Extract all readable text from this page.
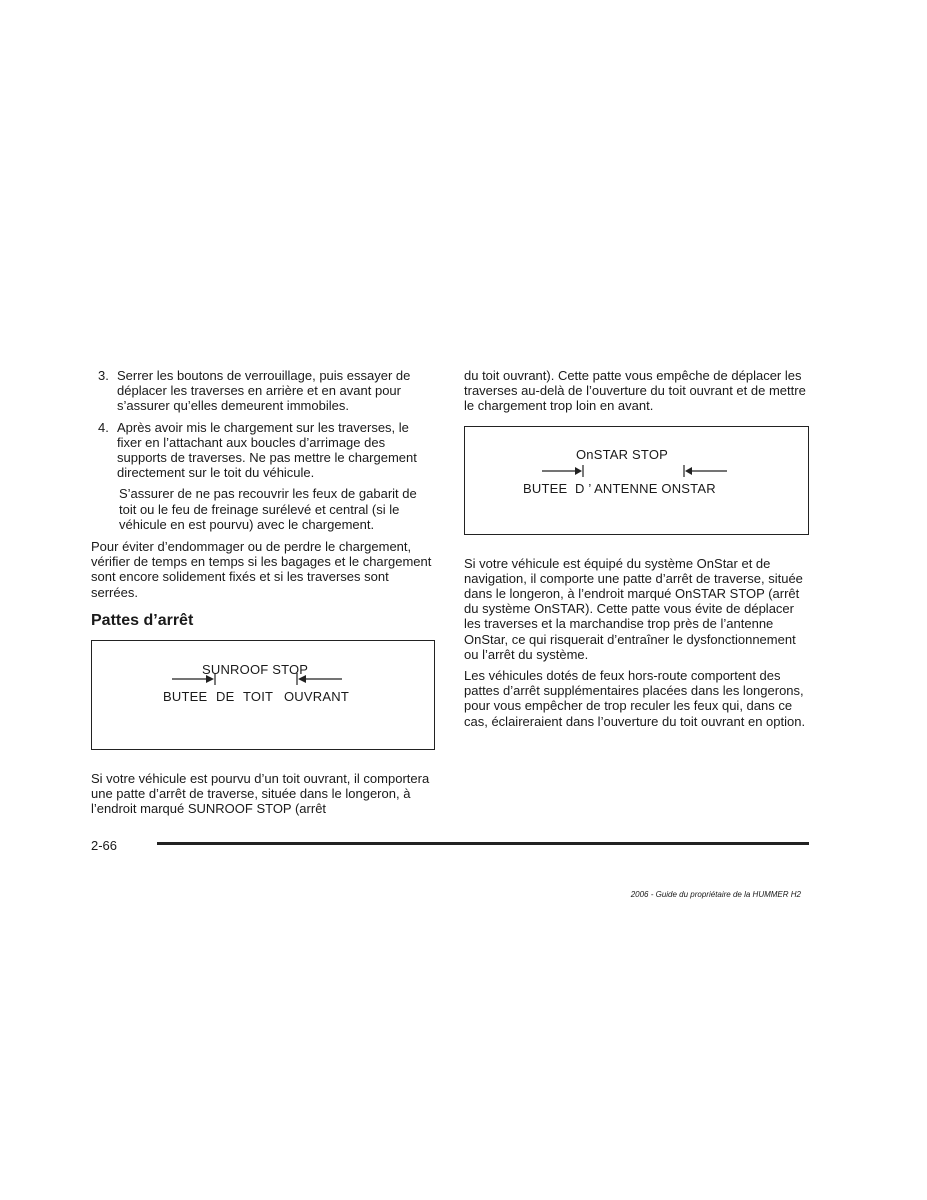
3. Serrer les boutons de verrouillage, puis essayer de déplacer les traverses en arrière et en avant pour s’assurer qu’elles demeurent immobiles.

4. Après avoir mis le chargement sur les traverses, le fixer en l’attachant aux boucles d’arrimage des supports de traverses. Ne pas mettre le chargement directement sur le toit du véhicule.

S’assurer de ne pas recouvrir les feux de gabarit de toit ou le feu de freinage surélevé et central (si le véhicule en est pourvu) avec le chargement.

Pour éviter d’endommager ou de perdre le chargement, vérifier de temps en temps si les bagages et le chargement sont encore solidement fixés et si les traverses sont serrées.

Pattes d’arrêt
SUNROOF STOP
BUTEE DE TOIT OUVRANT

Si votre véhicule est pourvu d’un toit ouvrant, il comportera une patte d’arrêt de traverse, située dans le longeron, à l’endroit marqué SUNROOF STOP (arrêt

du toit ouvrant). Cette patte vous empêche de déplacer les traverses au-delà de l’ouverture du toit ouvrant et de mettre le chargement trop loin en avant.

OnSTAR STOP
BUTEE  D ’ ANTENNE ONSTAR

Si votre véhicule est équipé du système OnStar et de navigation, il comporte une patte d’arrêt de traverse, située dans le longeron, à l’endroit marqué OnSTAR STOP (arrêt du système OnSTAR). Cette patte vous évite de déplacer les traverses et la marchandise trop près de l’antenne OnStar, ce qui risquerait d’entraîner le dysfonctionnement ou l’arrêt du système.

Les véhicules dotés de feux hors-route comportent des pattes d’arrêt supplémentaires placées dans les longerons, pour vous empêcher de trop reculer les feux qui, dans ce cas, éclaireraient dans l’ouverture du toit ouvrant en option.

2-66
2006 - Guide du propriétaire de la HUMMER H2
